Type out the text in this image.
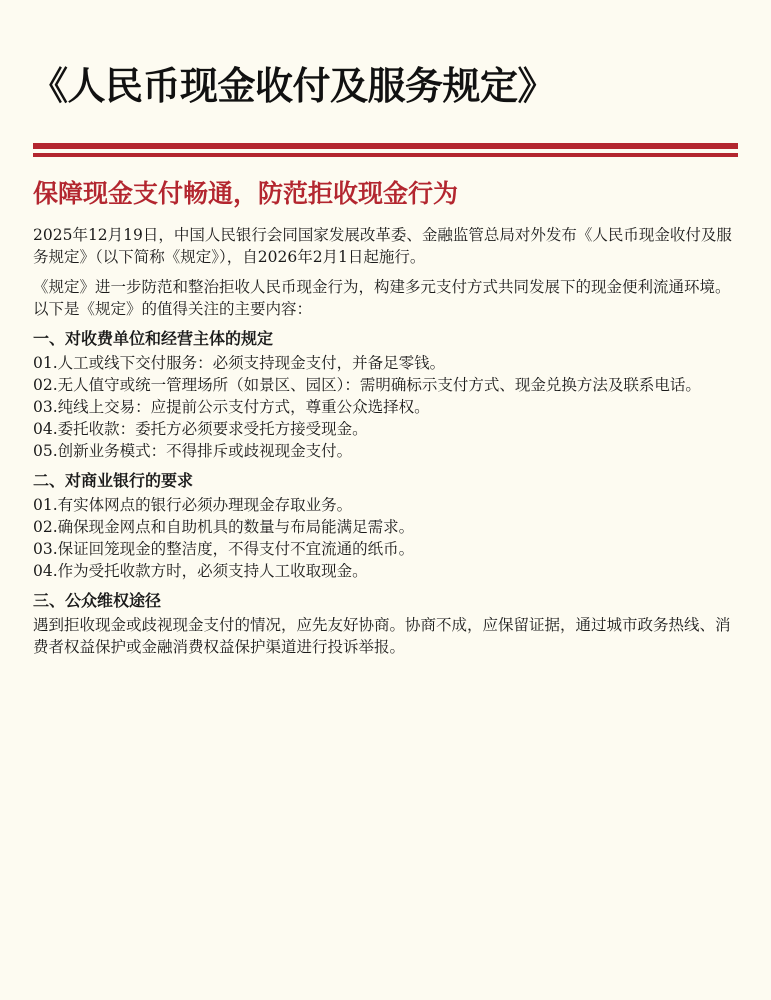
《人民币现金收付及服务规定》
保障现金支付畅通，防范拒收现金行为

2025年12月19日，中国人民银行会同国家发展改革委、金融监管总局对外发布《人民币现金收付及服务规定》（以下简称《规定》），自2026年2月1日起施行。

《规定》进一步防范和整治拒收人民币现金行为，构建多元支付方式共同发展下的现金便利流通环境。以下是《规定》的值得关注的主要内容：

一、对收费单位和经营主体的规定

01.人工或线下交付服务：必须支持现金支付，并备足零钱。

02.无人值守或统一管理场所（如景区、园区）：需明确标示支付方式、现金兑换方法及联系电话。

03.纯线上交易：应提前公示支付方式，尊重公众选择权。

04.委托收款：委托方必须要求受托方接受现金。

05.创新业务模式：不得排斥或歧视现金支付。

二、对商业银行的要求

01.有实体网点的银行必须办理现金存取业务。

02.确保现金网点和自助机具的数量与布局能满足需求。

03.保证回笼现金的整洁度，不得支付不宜流通的纸币。

04.作为受托收款方时，必须支持人工收取现金。

三、公众维权途径

遇到拒收现金或歧视现金支付的情况，应先友好协商。协商不成，应保留证据，通过城市政务热线、消费者权益保护或金融消费权益保护渠道进行投诉举报。
